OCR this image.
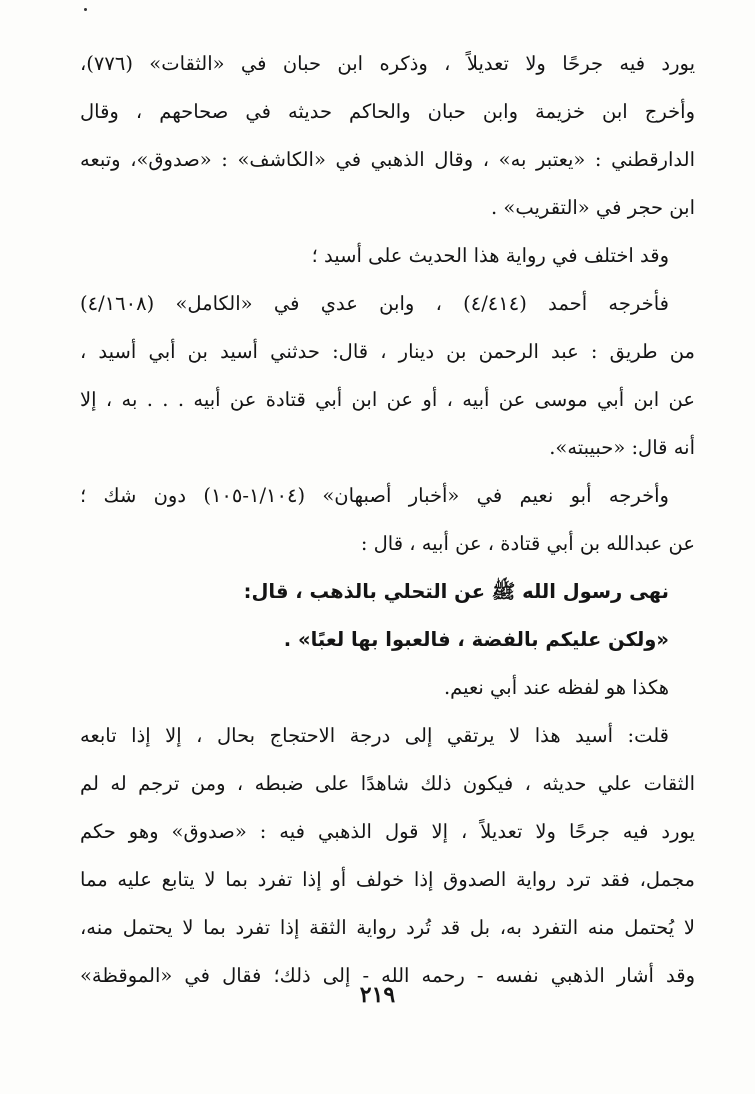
يورد فيه جرحًا ولا تعديلاً ، وذكره ابن حبان في «الثقات» (٧٧٦)،
وأخرج ابن خزيمة وابن حبان والحاكم حديثه في صحاحهم ، وقال
الدارقطني : «يعتبر به» ، وقال الذهبي في «الكاشف» : «صدوق»، وتبعه
ابن حجر في «التقريب» .
وقد اختلف في رواية هذا الحديث على أسيد ؛
فأخرجه أحمد (٤/٤١٤) ، وابن عدي في «الكامل» (٤/١٦٠٨)
من طريق : عبد الرحمن بن دينار ، قال: حدثني أسيد بن أبي أسيد ،
عن ابن أبي موسى عن أبيه ، أو عن ابن أبي قتادة عن أبيه . . . به ، إلا
أنه قال: «حبيبته».
وأخرجه أبو نعيم في «أخبار أصبهان» (١/١٠٤-١٠٥) دون شك ؛
عن عبدالله بن أبي قتادة ، عن أبيه ، قال :
نهى رسول الله ﷺ عن التحلي بالذهب ، قال:
«ولكن عليكم بالفضة ، فالعبوا بها لعبًا» .
هكذا هو لفظه عند أبي نعيم.
قلت: أسيد هذا لا يرتقي إلى درجة الاحتجاج بحال ، إلا إذا تابعه
الثقات علي حديثه ، فيكون ذلك شاهدًا على ضبطه ، ومن ترجم له لم
يورد فيه جرحًا ولا تعديلاً ، إلا قول الذهبي فيه : «صدوق» وهو حكم
مجمل، فقد ترد رواية الصدوق إذا خولف أو إذا تفرد بما لا يتابع عليه مما
لا يُحتمل منه التفرد به، بل قد تُرد رواية الثقة إذا تفرد بما لا يحتمل منه،
وقد أشار الذهبي نفسه - رحمه الله - إلى ذلك؛ فقال في «الموقظة»
٢١٩
